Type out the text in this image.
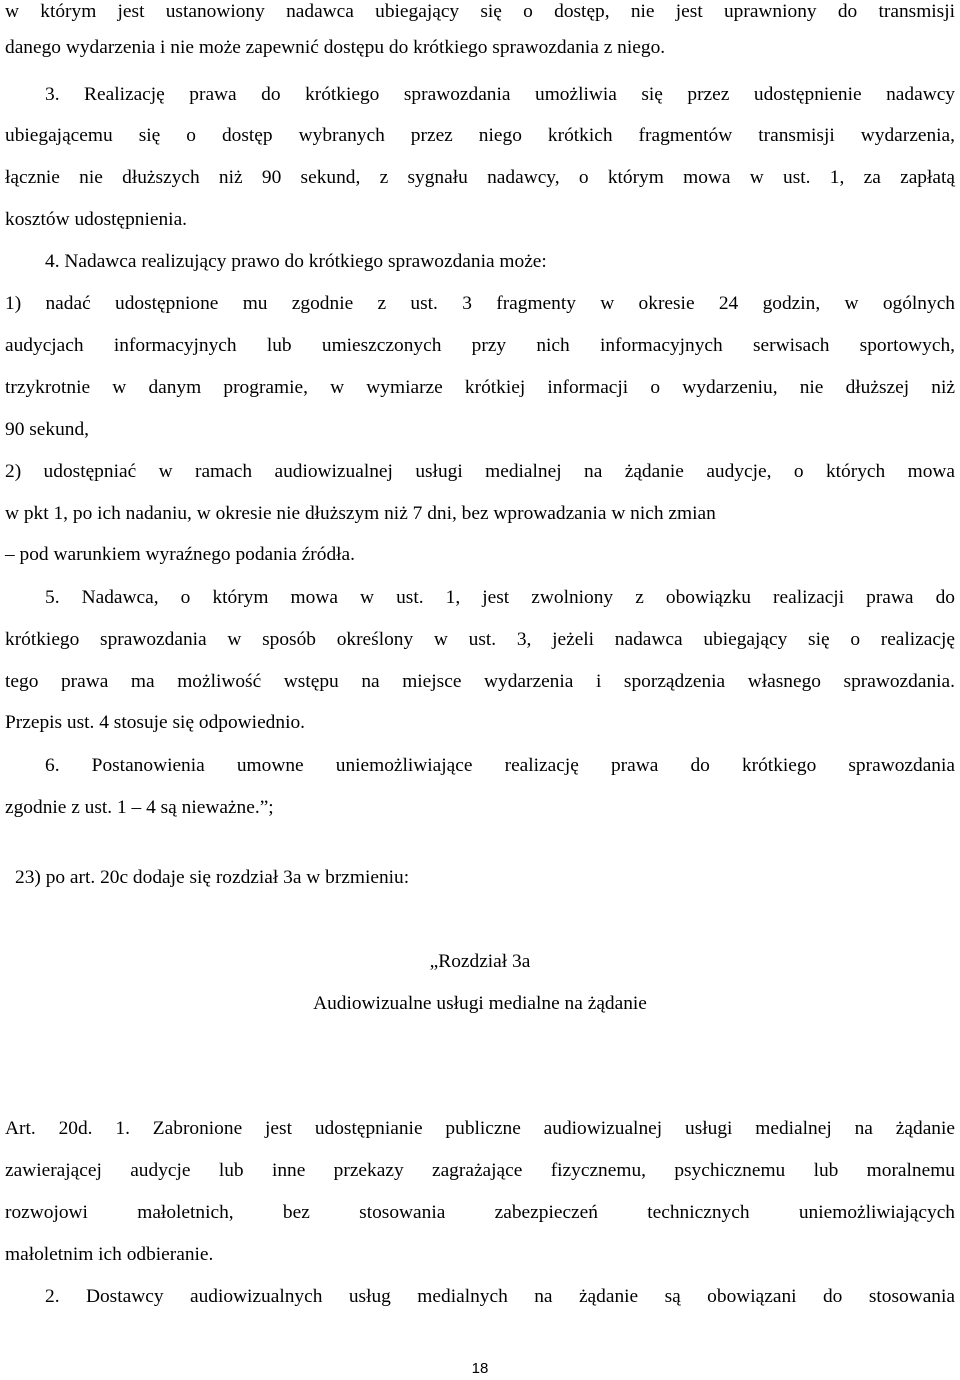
w którym jest ustanowiony nadawca ubiegający się o dostęp, nie jest uprawniony do transmisji
danego wydarzenia i nie może zapewnić dostępu do krótkiego sprawozdania z niego.
3. Realizację prawa do krótkiego sprawozdania umożliwia się przez udostępnienie nadawcy
ubiegającemu się o dostęp wybranych przez niego krótkich fragmentów transmisji wydarzenia,
łącznie nie dłuższych niż 90 sekund, z sygnału nadawcy, o którym mowa w ust. 1, za zapłatą
kosztów udostępnienia.
4. Nadawca realizujący prawo do krótkiego sprawozdania może:
1) nadać udostępnione mu zgodnie z ust. 3 fragmenty w okresie 24 godzin, w ogólnych
audycjach informacyjnych lub umieszczonych przy nich informacyjnych serwisach sportowych,
trzykrotnie w danym programie, w wymiarze krótkiej informacji o wydarzeniu, nie dłuższej niż
90 sekund,
2) udostępniać w ramach audiowizualnej usługi medialnej na żądanie audycje, o których mowa
w pkt 1, po ich nadaniu, w okresie nie dłuższym niż 7 dni, bez wprowadzania w nich zmian
– pod warunkiem wyraźnego podania źródła.
5. Nadawca, o którym mowa w ust. 1, jest zwolniony z obowiązku realizacji prawa do
krótkiego sprawozdania w sposób określony w ust. 3, jeżeli nadawca ubiegający się o realizację
tego prawa ma możliwość wstępu na miejsce wydarzenia i sporządzenia własnego sprawozdania.
Przepis ust. 4 stosuje się odpowiednio.
6. Postanowienia umowne uniemożliwiające realizację prawa do krótkiego sprawozdania
zgodnie z ust. 1 – 4 są nieważne.”;
23) po art. 20c dodaje się rozdział 3a w brzmieniu:
„Rozdział 3a
Audiowizualne usługi medialne na żądanie
Art. 20d. 1. Zabronione jest udostępnianie publiczne audiowizualnej usługi medialnej na żądanie
zawierającej audycje lub inne przekazy zagrażające fizycznemu, psychicznemu lub moralnemu
rozwojowi małoletnich, bez stosowania zabezpieczeń technicznych uniemożliwiających
małoletnim ich odbieranie.
2. Dostawcy audiowizualnych usług medialnych na żądanie są obowiązani do stosowania
18
